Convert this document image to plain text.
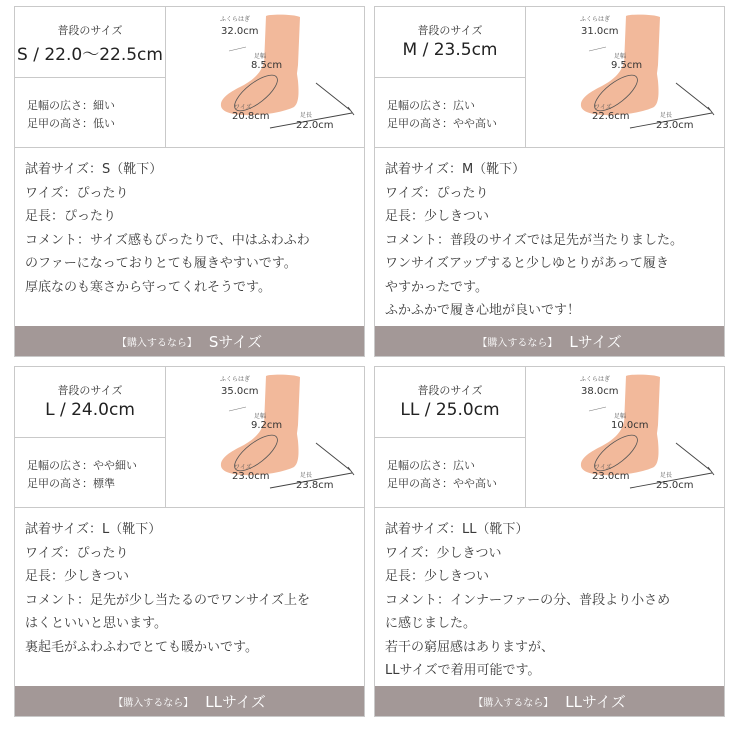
普段のサイズ
S / 22.0〜22.5cm
足幅の広さ：細い
足甲の高さ：低い
ふくらはぎ
32.0cm
足幅
8.5cm
ワイズ
20.8cm	足長
22.0cm
試着サイズ：S（靴下）
ワイズ：ぴったり
足長：ぴったり
コメント：サイズ感もぴったりで、中はふわふわ
のファーになっておりとても履きやすいです。
厚底なのも寒さから守ってくれそうです。
【購入するなら】 Sサイズ
普段のサイズ
M / 23.5cm
足幅の広さ：広い
足甲の高さ：やや高い
ふくらはぎ
31.0cm
足幅
9.5cm
ワイズ
22.6cm	足長
23.0cm
試着サイズ：M（靴下）
ワイズ：ぴったり
足長：少しきつい
コメント：普段のサイズでは足先が当たりました。
ワンサイズアップすると少しゆとりがあって履き
やすかったです。
ふかふかで履き心地が良いです！
【購入するなら】 Lサイズ
普段のサイズ
L / 24.0cm
足幅の広さ：やや細い
足甲の高さ：標準
ふくらはぎ
35.0cm
足幅
9.2cm
ワイズ
23.0cm	足長
23.8cm
試着サイズ：L（靴下）
ワイズ：ぴったり
足長：少しきつい
コメント：足先が少し当たるのでワンサイズ上を
はくといいと思います。
裏起毛がふわふわでとても暖かいです。
【購入するなら】 LLサイズ
普段のサイズ
LL / 25.0cm
足幅の広さ：広い
足甲の高さ：やや高い
ふくらはぎ
38.0cm
足幅
10.0cm
ワイズ
23.0cm	足長
25.0cm
試着サイズ：LL（靴下）
ワイズ：少しきつい
足長：少しきつい
コメント：インナーファーの分、普段より小さめ
に感じました。
若干の窮屈感はありますが、
LLサイズで着用可能です。
【購入するなら】 LLサイズ
